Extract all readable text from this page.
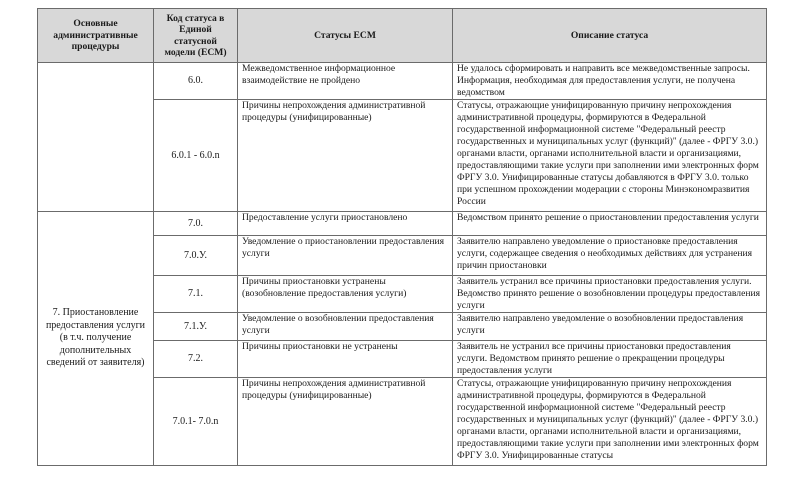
Основные административные процедуры	Код статуса в Единой статусной модели (ЕСМ)	Статусы ЕСМ	Описание статуса
	6.0.	Межведомственное информационное взаимодействие не пройдено	Не удалось сформировать и направить все межведомственные запросы. Информация, необходимая для предоставления услуги, не получена ведомством
	6.0.1 - 6.0.n	Причины непрохождения административной процедуры (унифицированные)	Статусы, отражающие унифицированную причину непрохождения административной процедуры, формируются в Федеральной государственной информационной системе "Федеральный реестр государственных и муниципальных услуг (функций)" (далее - ФРГУ 3.0.) органами власти, органами исполнительной власти и организациями, предоставляющими такие услуги при заполнении ими электронных форм ФРГУ 3.0. Унифицированные статусы добавляются в ФРГУ 3.0. только при успешном прохождении модерации с стороны Минэкономразвития России
7. Приостановление предоставления услуги (в т.ч. получение дополнительных сведений от заявителя)	7.0.	Предоставление услуги приостановлено	Ведомством принято решение о приостановлении предоставления услуги
	7.0.У.	Уведомление о приостановлении предоставления услуги	Заявителю направлено уведомление о приостановке предоставления услуги, содержащее сведения о необходимых действиях для устранения причин приостановки
	7.1.	Причины приостановки устранены (возобновление предоставления услуги)	Заявитель устранил все причины приостановки предоставления услуги. Ведомство принято решение о возобновлении процедуры предоставления услуги
	7.1.У.	Уведомление о возобновлении предоставления услуги	Заявителю направлено уведомление о возобновлении предоставления услуги
	7.2.	Причины приостановки не устранены	Заявитель не устранил все причины приостановки предоставления услуги. Ведомством принято решение о прекращении процедуры предоставления услуги
	7.0.1- 7.0.n	Причины непрохождения административной процедуры (унифицированные)	Статусы, отражающие унифицированную причину непрохождения административной процедуры, формируются в Федеральной государственной информационной системе "Федеральный реестр государственных и муниципальных услуг (функций)" (далее - ФРГУ 3.0.) органами власти, органами исполнительной власти и организациями, предоставляющими такие услуги при заполнении ими электронных форм ФРГУ 3.0. Унифицированные статусы
